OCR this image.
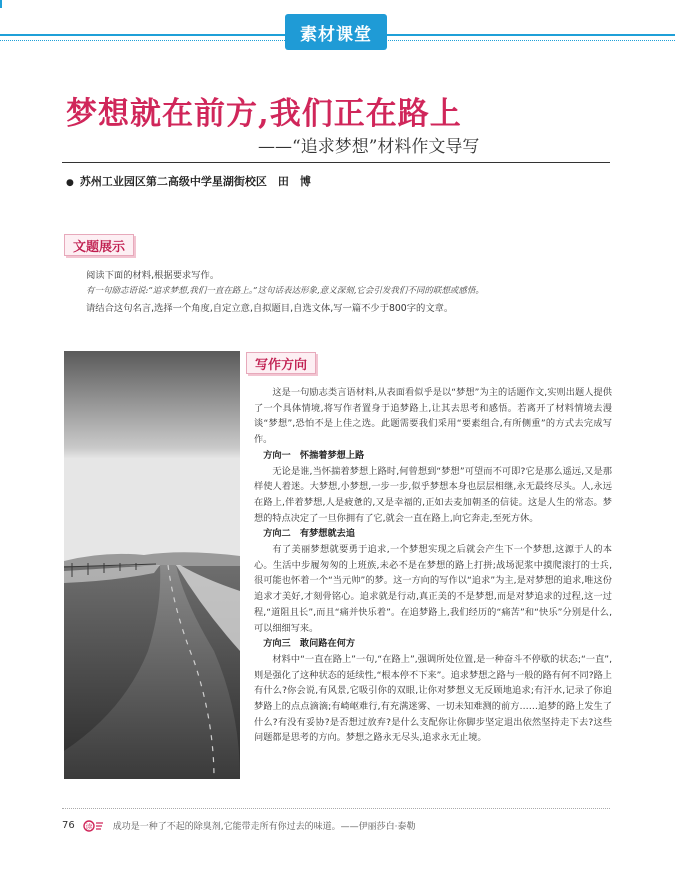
素材课堂
梦想就在前方,我们正在路上
——“追求梦想”材料作文导写
● 苏州工业园区第二高级中学星湖街校区　田　博
文题展示
阅读下面的材料,根据要求写作。
有一句励志语说:“追求梦想,我们一直在路上。”这句话表达形象,意义深刻,它会引发我们不同的联想或感悟。
请结合这句名言,选择一个角度,自定立意,自拟题目,自选文体,写一篇不少于800字的文章。
写作方向

这是一句励志类言语材料,从表面看似乎是以“梦想”为主的话题作文,实则出题人提供了一个具体情境,将写作者置身于追梦路上,让其去思考和感悟。若离开了材料情境去漫谈“梦想”,恐怕不是上佳之选。此题需要我们采用“要素组合,有所侧重”的方式去完成写作。

方向一　怀揣着梦想上路

无论是谁,当怀揣着梦想上路时,何曾想到“梦想”可望而不可即?它是那么遥远,又是那样使人着迷。大梦想,小梦想,一步一步,似乎梦想本身也层层相继,永无最终尽头。人,永远在路上,伴着梦想,人是疲惫的,又是幸福的,正如去麦加朝圣的信徒。这是人生的常态。梦想的特点决定了一旦你拥有了它,就会一直在路上,向它奔走,至死方休。

方向二　有梦想就去追

有了美丽梦想就要勇于追求,一个梦想实现之后就会产生下一个梦想,这源于人的本心。生活中步履匆匆的上班族,未必不是在梦想的路上打拼;战场泥浆中摸爬滚打的士兵,很可能也怀着一个“当元帅”的梦。这一方向的写作以“追求”为主,是对梦想的追求,唯这份追求才美好,才刻骨铭心。追求就是行动,真正美的不是梦想,而是对梦追求的过程,这一过程,“道阻且长”,而且“痛并快乐着”。在追梦路上,我们经历的“痛苦”和“快乐”分别是什么,可以细细写来。

方向三　敢问路在何方

材料中“一直在路上”一句,“在路上”,强调所处位置,是一种奋斗不停歇的状态;“一直”,则是强化了这种状态的延续性,“根本停不下来”。追求梦想之路与一般的路有何不同?路上有什么?你会说,有风景,它吸引你的双眼,让你对梦想义无反顾地追求;有汗水,记录了你追梦路上的点点滴滴;有崎岖难行,有充满迷雾、一切未知难测的前方……追梦的路上发生了什么?有没有妥协?是否想过放弃?是什么支配你让你脚步坚定退出依然坚持走下去?这些问题都是思考的方向。梦想之路永无尽头,追求永无止境。

76 读 成功是一种了不起的除臭剂,它能带走所有你过去的味道。——伊丽莎白·泰勒
